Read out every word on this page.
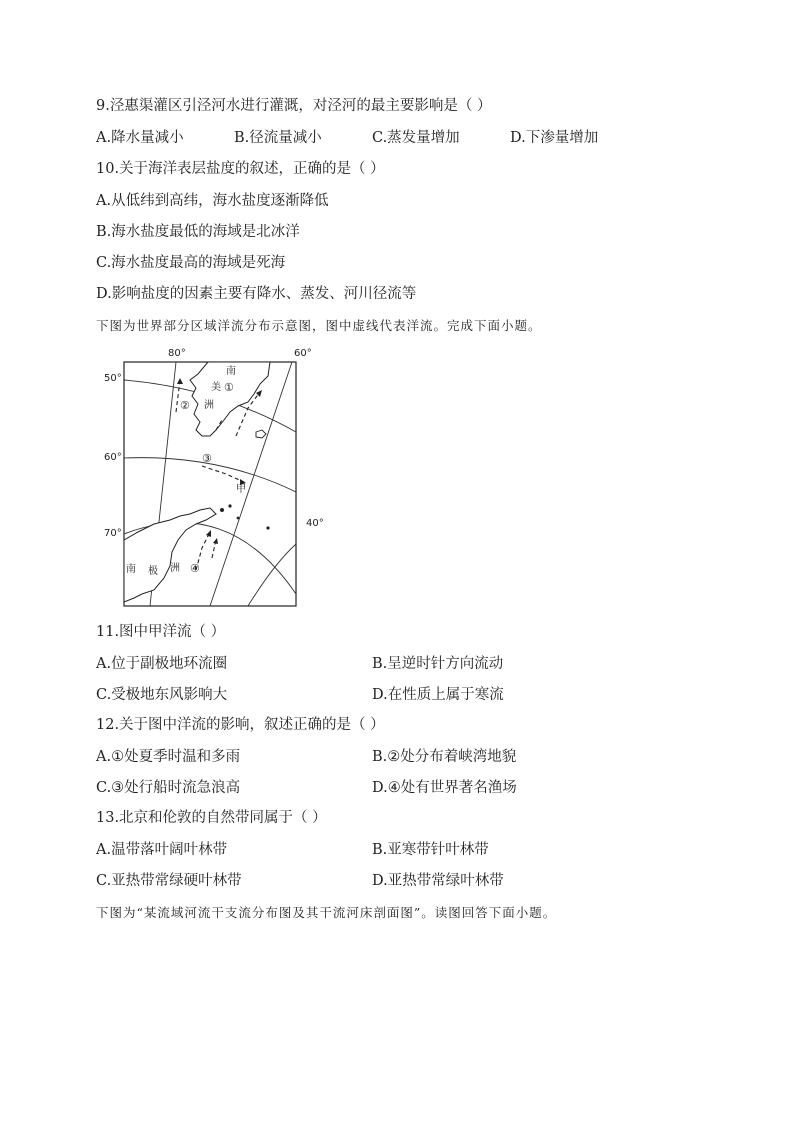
9.泾惠渠灌区引泾河水进行灌溉，对泾河的最主要影响是（ ）
A.降水量减小	B.径流量减小	C.蒸发量增加	D.下渗量增加
10.关于海洋表层盐度的叙述，正确的是（ ）
A.从低纬到高纬，海水盐度逐渐降低
B.海水盐度最低的海域是北冰洋
C.海水盐度最高的海域是死海
D.影响盐度的因素主要有降水、蒸发、河川径流等
下图为世界部分区域洋流分布示意图，图中虚线代表洋流。完成下面小题。
80°	60°
50°
60°
70°
40°
南
美
洲
南 极 洲
①
②
③
④
甲
11.图中甲洋流（ ）
A.位于副极地环流圈	B.呈逆时针方向流动
C.受极地东风影响大	D.在性质上属于寒流
12.关于图中洋流的影响，叙述正确的是（ ）
A.①处夏季时温和多雨	B.②处分布着峡湾地貌
C.③处行船时流急浪高	D.④处有世界著名渔场
13.北京和伦敦的自然带同属于（ ）
A.温带落叶阔叶林带	B.亚寒带针叶林带
C.亚热带常绿硬叶林带	D.亚热带常绿叶林带
下图为“某流域河流干支流分布图及其干流河床剖面图”。读图回答下面小题。
